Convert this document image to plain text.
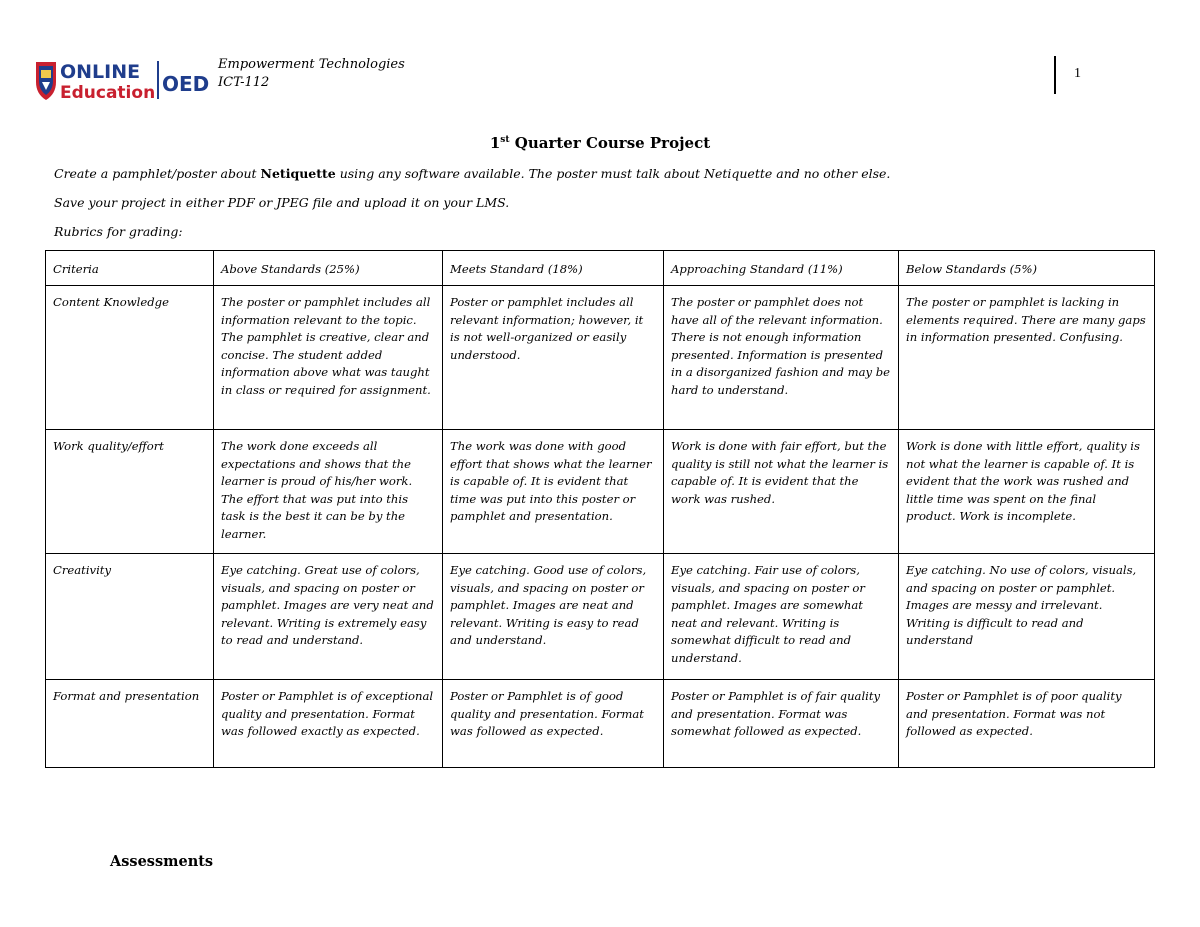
ONLINE
Education OED
Empowerment Technologies
ICT-112
1
1st Quarter Course Project
Create a pamphlet/poster about Netiquette using any software available. The poster must talk about Netiquette and no other else.
Save your project in either PDF or JPEG file and upload it on your LMS.
Rubrics for grading:
Criteria	Above Standards (25%)	Meets Standard (18%)	Approaching Standard (11%)	Below Standards (5%)
Content Knowledge	The poster or pamphlet includes all information relevant to the topic. The pamphlet is creative, clear and concise. The student added information above what was taught in class or required for assignment.	Poster or pamphlet includes all relevant information; however, it is not well-organized or easily understood.	The poster or pamphlet does not have all of the relevant information. There is not enough information presented. Information is presented in a disorganized fashion and may be hard to understand.	The poster or pamphlet is lacking in elements required. There are many gaps in information presented. Confusing.
Work quality/effort	The work done exceeds all expectations and shows that the learner is proud of his/her work. The effort that was put into this task is the best it can be by the learner.	The work was done with good effort that shows what the learner is capable of. It is evident that time was put into this poster or pamphlet and presentation.	Work is done with fair effort, but the quality is still not what the learner is capable of. It is evident that the work was rushed.	Work is done with little effort, quality is not what the learner is capable of. It is evident that the work was rushed and little time was spent on the final product. Work is incomplete.
Creativity	Eye catching. Great use of colors, visuals, and spacing on poster or pamphlet. Images are very neat and relevant. Writing is extremely easy to read and understand.	Eye catching. Good use of colors, visuals, and spacing on poster or pamphlet. Images are neat and relevant. Writing is easy to read and understand.	Eye catching. Fair use of colors, visuals, and spacing on poster or pamphlet. Images are somewhat neat and relevant. Writing is somewhat difficult to read and understand.	Eye catching. No use of colors, visuals, and spacing on poster or pamphlet. Images are messy and irrelevant. Writing is difficult to read and understand
Format and presentation	Poster or Pamphlet is of exceptional quality and presentation. Format was followed exactly as expected.	Poster or Pamphlet is of good quality and presentation. Format was followed as expected.	Poster or Pamphlet is of fair quality and presentation. Format was somewhat followed as expected.	Poster or Pamphlet is of poor quality and presentation. Format was not followed as expected.
Assessments
